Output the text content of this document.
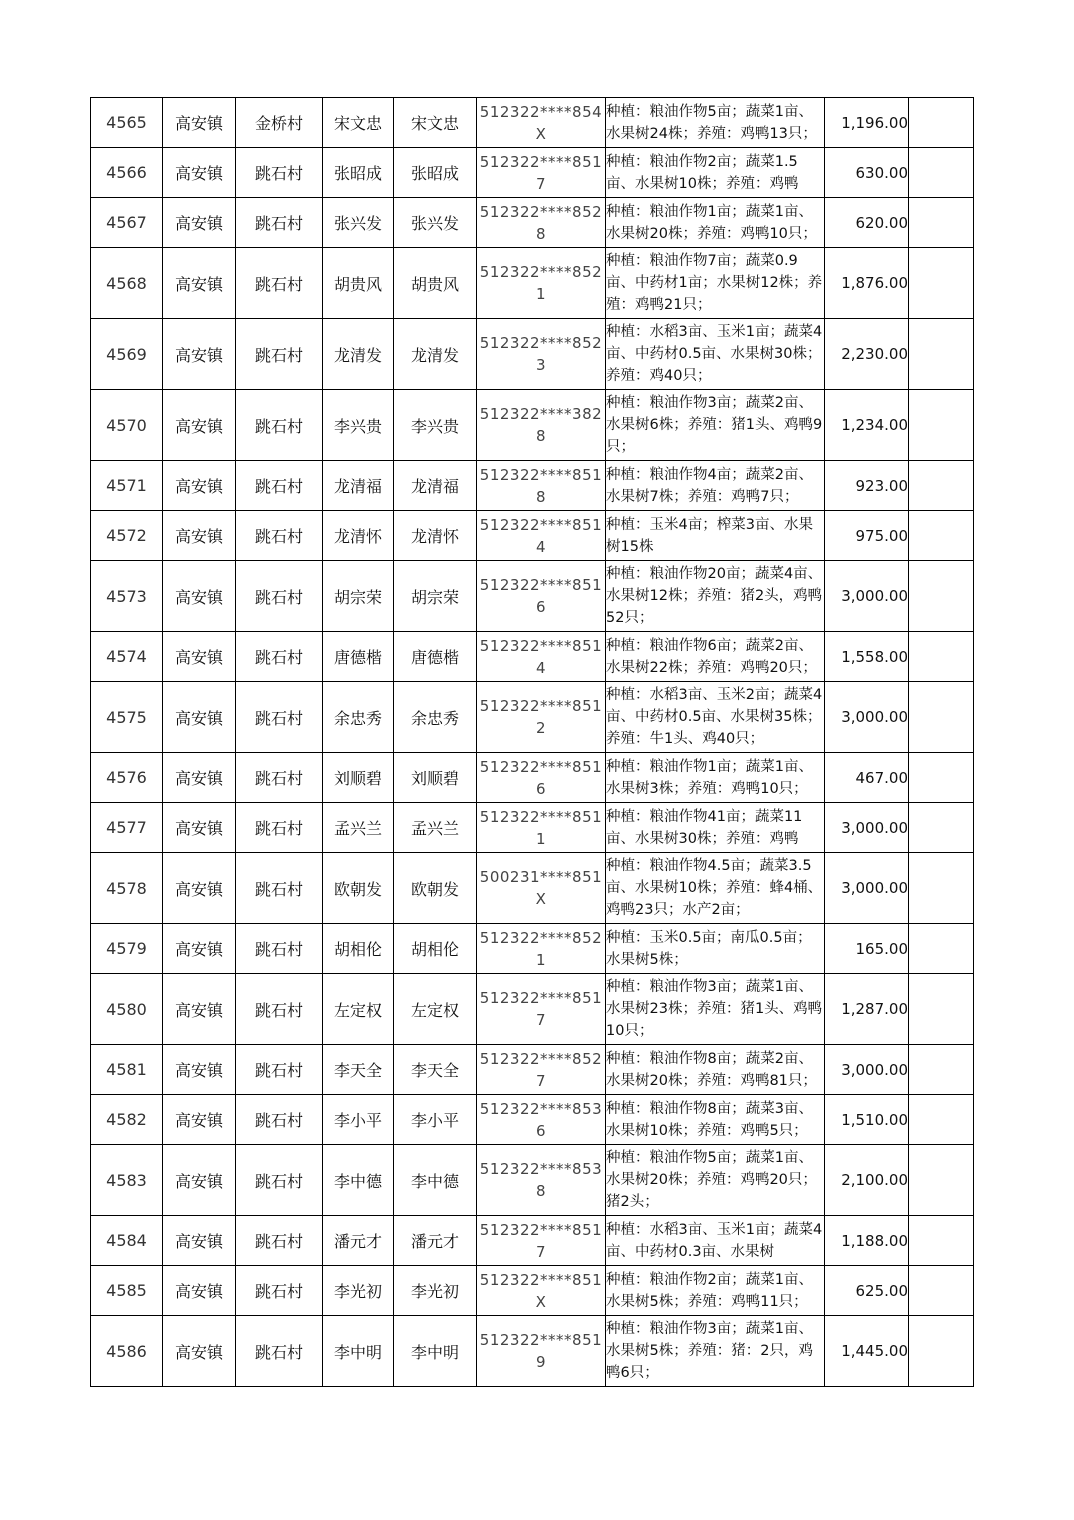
4565	高安镇	金桥村	宋文忠	宋文忠	512322****854X	种植：粮油作物5亩；蔬菜1亩、水果树24株；养殖：鸡鸭13只；	1,196.00	
4566	高安镇	跳石村	张昭成	张昭成	512322****8517	种植：粮油作物2亩；蔬菜1.5亩、水果树10株；养殖：鸡鸭	630.00	
4567	高安镇	跳石村	张兴发	张兴发	512322****8528	种植：粮油作物1亩；蔬菜1亩、水果树20株；养殖：鸡鸭10只；	620.00	
4568	高安镇	跳石村	胡贵风	胡贵风	512322****8521	种植：粮油作物7亩；蔬菜0.9亩、中药材1亩；水果树12株；养殖：鸡鸭21只；	1,876.00	
4569	高安镇	跳石村	龙清发	龙清发	512322****8523	种植：水稻3亩、玉米1亩；蔬菜4亩、中药材0.5亩、水果树30株；养殖：鸡40只；	2,230.00	
4570	高安镇	跳石村	李兴贵	李兴贵	512322****3828	种植：粮油作物3亩；蔬菜2亩、水果树6株；养殖：猪1头、鸡鸭9只；	1,234.00	
4571	高安镇	跳石村	龙清福	龙清福	512322****8518	种植：粮油作物4亩；蔬菜2亩、水果树7株；养殖：鸡鸭7只；	923.00	
4572	高安镇	跳石村	龙清怀	龙清怀	512322****8514	种植：玉米4亩；榨菜3亩、水果树15株	975.00	
4573	高安镇	跳石村	胡宗荣	胡宗荣	512322****8516	种植：粮油作物20亩；蔬菜4亩、水果树12株；养殖：猪2头，鸡鸭52只；	3,000.00	
4574	高安镇	跳石村	唐德楷	唐德楷	512322****8514	种植：粮油作物6亩；蔬菜2亩、水果树22株；养殖：鸡鸭20只；	1,558.00	
4575	高安镇	跳石村	余忠秀	余忠秀	512322****8512	种植：水稻3亩、玉米2亩；蔬菜4亩、中药材0.5亩、水果树35株；养殖：牛1头、鸡40只；	3,000.00	
4576	高安镇	跳石村	刘顺碧	刘顺碧	512322****8516	种植：粮油作物1亩；蔬菜1亩、水果树3株；养殖：鸡鸭10只；	467.00	
4577	高安镇	跳石村	孟兴兰	孟兴兰	512322****8511	种植：粮油作物41亩；蔬菜11亩、水果树30株；养殖：鸡鸭	3,000.00	
4578	高安镇	跳石村	欧朝发	欧朝发	500231****851X	种植：粮油作物4.5亩；蔬菜3.5亩、水果树10株；养殖：蜂4桶、鸡鸭23只；水产2亩；	3,000.00	
4579	高安镇	跳石村	胡相伦	胡相伦	512322****8521	种植：玉米0.5亩；南瓜0.5亩；水果树5株；	165.00	
4580	高安镇	跳石村	左定权	左定权	512322****8517	种植：粮油作物3亩；蔬菜1亩、水果树23株；养殖：猪1头、鸡鸭10只；	1,287.00	
4581	高安镇	跳石村	李天全	李天全	512322****8527	种植：粮油作物8亩；蔬菜2亩、水果树20株；养殖：鸡鸭81只；	3,000.00	
4582	高安镇	跳石村	李小平	李小平	512322****8536	种植：粮油作物8亩；蔬菜3亩、水果树10株；养殖：鸡鸭5只；	1,510.00	
4583	高安镇	跳石村	李中德	李中德	512322****8538	种植：粮油作物5亩；蔬菜1亩、水果树20株；养殖：鸡鸭20只；猪2头；	2,100.00	
4584	高安镇	跳石村	潘元才	潘元才	512322****8517	种植：水稻3亩、玉米1亩；蔬菜4亩、中药材0.3亩、水果树	1,188.00	
4585	高安镇	跳石村	李光初	李光初	512322****851X	种植：粮油作物2亩；蔬菜1亩、水果树5株；养殖：鸡鸭11只；	625.00	
4586	高安镇	跳石村	李中明	李中明	512322****8519	种植：粮油作物3亩；蔬菜1亩、水果树5株；养殖：猪：2只，鸡鸭6只；	1,445.00	
